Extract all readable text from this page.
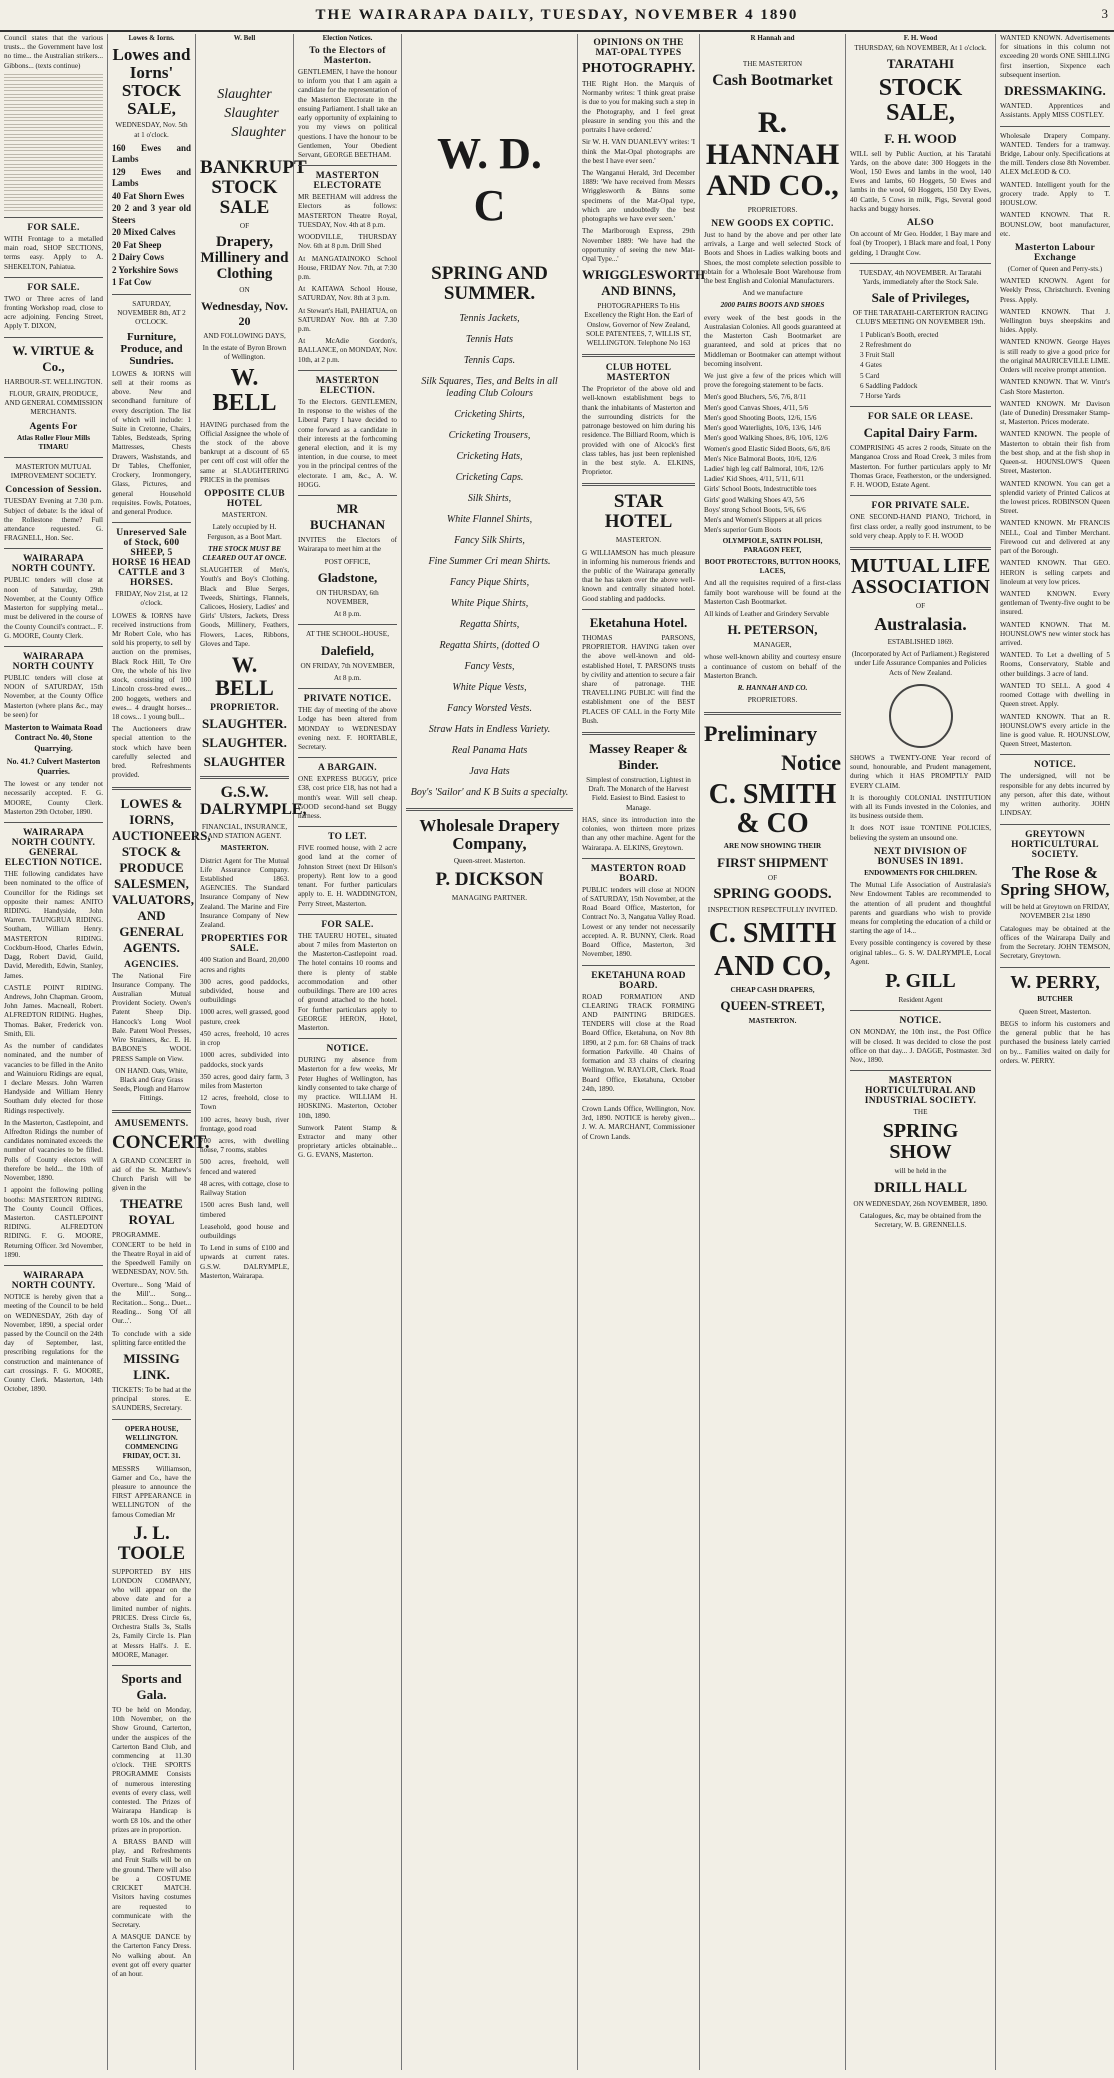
THE WAIRARAPA DAILY, TUESDAY, NOVEMBER 4 1890	3

Council states that the various trusts... the Government have lost no time... the Australian strikers... Gibbons... (texts continue)

FOR SALE.

WITH Frontage to a metalled main road, SHOP SECTIONS, terms easy. Apply to A. SHEKELTON, Pahiatua.

FOR SALE.

TWO or Three acres of land fronting Workshop road, close to acre adjoining. Fencing Street, Apply T. DIXON,

W. VIRTUE & Co.,

HARBOUR-ST. WELLINGTON.

FLOUR, GRAIN, PRODUCE, AND GENERAL COMMISSION MERCHANTS.

Agents For

Atlas Roller Flour Mills TIMARU

MASTERTON MUTUAL IMPROVEMENT SOCIETY.

Concession of Session.

TUESDAY Evening at 7.30 p.m. Subject of debate: Is the ideal of the Rollestone theme? Full attendance requested. G. FRAGNELL, Hon. Sec.

WAIRARAPA NORTH COUNTY.

PUBLIC tenders will close at noon of Saturday, 29th November, at the County Office Masterton for supplying metal... must be delivered in the course of the County Council's contract... F. G. MOORE, County Clerk.

WAIRARAPA NORTH COUNTY

PUBLIC tenders will close at NOON of SATURDAY, 15th November, at the County Office Masterton (where plans &c., may be seen) for

Masterton to Waimata Road Contract No. 40, Stone Quarrying.

No. 41.? Culvert Masterton Quarries.

The lowest or any tender not necessarily accepted. F. G. MOORE, County Clerk. Masterton 29th October, 1890.

WAIRARAPA NORTH COUNTY. GENERAL ELECTION NOTICE.

THE following candidates have been nominated to the office of Councillor for the Ridings set opposite their names: ANITO RIDING. Handyside, John Warren. TAUNGRUA RIDING. Southam, William Henry. MASTERTON RIDING. Cockburn-Hood, Charles Edwin, Dagg, Robert David, Guild, David, Meredith, Edwin, Stanley, James.

CASTLE POINT RIDING. Andrews, John Chapman. Groom, John James. Macneall, Robert. ALFREDTON RIDING. Hughes, Thomas. Baker, Frederick von. Smith, Eli.

As the number of candidates nominated, and the number of vacancies to be filled in the Anito and Wainuioru Ridings are equal, I declare Messrs. John Warren Handyside and William Henry Southam duly elected for those Ridings respectively.

In the Masterton, Castlepoint, and Alfredton Ridings the number of candidates nominated exceeds the number of vacancies to be filled. Polls of County electors will therefore be held... the 10th of November, 1890.

I appoint the following polling booths: MASTERTON RIDING. The County Council Offices, Masterton. CASTLEPOINT RIDING. ALFREDTON RIDING. F. G. MOORE, Returning Officer. 3rd November, 1890.

WAIRARAPA NORTH COUNTY.

NOTICE is hereby given that a meeting of the Council to be held on WEDNESDAY, 26th day of November, 1890, a special order passed by the Council on the 24th day of September, last, prescribing regulations for the construction and maintenance of cart crossings. F. G. MOORE, County Clerk. Masterton, 14th October, 1890.

Lowes & Iorns.
Lowes and Iorns' STOCK SALE,

WEDNESDAY, Nov. 5th at 1 o'clock.

160 Ewes and Lambs
129 Ewes and Lambs
40 Fat Shorn Ewes
20 2 and 3 year old Steers
20 Mixed Calves
20 Fat Sheep
2 Dairy Cows
2 Yorkshire Sows
1 Fat Cow

SATURDAY, NOVEMBER 8th, AT 2 O'CLOCK.

Furniture, Produce, and Sundries.

LOWES & IORNS will sell at their rooms as above. New and secondhand furniture of every description. The list of which will include: 1 Suite in Cretonne, Chairs, Tables, Bedsteads, Spring Mattresses, Chests Drawers, Washstands, and Dr Tables, Cheffonier, Crockery, Ironmongery, Glass, Pictures, and general Household requisites. Fowls, Potatoes, and general Produce.

Unreserved Sale of Stock, 600 SHEEP, 5 HORSE 16 HEAD CATTLE and 3 HORSES.

FRIDAY, Nov 21st, at 12 o'clock.

LOWES & IORNS have received instructions from Mr Robert Cole, who has sold his property, to sell by auction on the premises, Black Rock Hill, Te Ore Ore, the whole of his live stock, consisting of 100 Lincoln cross-bred ewes... 200 hoggets, wethers and ewes... 4 draught horses... 18 cows... 1 young bull...

The Auctioneers draw special attention to the stock which have been carefully selected and bred. Refreshments provided.

LOWES & IORNS, AUCTIONEERS, STOCK & PRODUCE SALESMEN, VALUATORS, AND GENERAL AGENTS.
AGENCIES.

The National Fire Insurance Company. The Australian Mutual Provident Society. Owen's Patent Sheep Dip. Hancock's Long Wool Bale. Patent Wool Presses, Wire Strainers, &c. E. H. BABONE'S WOOL PRESS Sample on View.

ON HAND. Oats, White, Black and Gray Grass Seeds, Plough and Harrow Fittings.

AMUSEMENTS.
CONCERT.

A GRAND CONCERT in aid of the St. Matthew's Church Parish will be given in the

THEATRE ROYAL

PROGRAMME. CONCERT to be held in the Theatre Royal in aid of the Speedwell Family on WEDNESDAY, NOV. 5th.

Overture... Song 'Maid of the Mill'... Song... Recitation... Song... Duet... Reading... Song 'Of all Our...'.

To conclude with a side splitting farce entitled the

MISSING LINK.

TICKETS: To be had at the principal stores. E. SAUNDERS, Secretary.

OPERA HOUSE, WELLINGTON. COMMENCING FRIDAY, OCT. 31.

MESSRS Williamson, Garner and Co., have the pleasure to announce the FIRST APPEARANCE in WELLINGTON of the famous Comedian Mr

J. L. TOOLE

SUPPORTED BY HIS LONDON COMPANY, who will appear on the above date and for a limited number of nights. PRICES. Dress Circle 6s, Orchestra Stalls 3s, Stalls 2s, Family Circle 1s. Plan at Messrs Hall's. J. E. MOORE, Manager.

Sports and Gala.

TO be held on Monday, 10th November, on the Show Ground, Carterton, under the auspices of the Carterton Band Club, and commencing at 11.30 o'clock. THE SPORTS PROGRAMME Consists of numerous interesting events of every class, well contested. The Prizes of Wairarapa Handicap is worth £8 10s. and the other prizes are in proportion.

A BRASS BAND will play, and Refreshments and Fruit Stalls will be on the ground. There will also be a COSTUME CRICKET MATCH. Visitors having costumes are requested to communicate with the Secretary.

A MASQUE DANCE by the Carterton Fancy Dress. No walking about. An event got off every quarter of an hour.

W. Bell
Slaughter
Slaughter
Slaughter
BANKRUPT STOCK SALE

OF

Drapery, Millinery and Clothing

ON

Wednesday, Nov. 20

AND FOLLOWING DAYS,

In the estate of Byron Brown of Wellington.

W. BELL

HAVING purchased from the Official Assignee the whole of the stock of the above bankrupt at a discount of 65 per cent off cost will offer the same at SLAUGHTERING PRICES in the premises

OPPOSITE CLUB HOTEL

MASTERTON.

Lately occupied by H. Ferguson, as a Boot Mart.

THE STOCK MUST BE CLEARED OUT AT ONCE.

SLAUGHTER of Men's, Youth's and Boy's Clothing. Black and Blue Serges, Tweeds, Shirtings, Flannels, Calicoes, Hosiery, Ladies' and Girls' Ulsters, Jackets, Dress Goods, Millinery, Feathers, Flowers, Laces, Ribbons, Gloves and Tape.

W. BELL
PROPRIETOR.
SLAUGHTER.
SLAUGHTER.
SLAUGHTER
G.S.W. DALRYMPLE,

FINANCIAL, INSURANCE, AND STATION AGENT.

MASTERTON.

District Agent for The Mutual Life Assurance Company. Established 1863. AGENCIES. The Standard Insurance Company of New Zealand. The Marine and Fire Insurance Company of New Zealand.

PROPERTIES FOR SALE.
400 Station and Board, 20,000 acres and rights
300 acres, good paddocks, subdivided, house and outbuildings
1000 acres, well grassed, good pasture, creek
450 acres, freehold, 10 acres in crop
1000 acres, subdivided into paddocks, stock yards
350 acres, good dairy farm, 3 miles from Masterton
12 acres, freehold, close to Town
100 acres, heavy bush, river frontage, good road
700 acres, with dwelling house, 7 rooms, stables
500 acres, freehold, well fenced and watered
48 acres, with cottage, close to Railway Station
1500 acres Bush land, well timbered
Leasehold, good house and outbuildings

To Lend in sums of £100 and upwards at current rates. G.S.W. DALRYMPLE, Masterton, Wairarapa.

Election Notices.
To the Electors of Masterton.

GENTLEMEN, I have the honour to inform you that I am again a candidate for the representation of the Masterton Electorate in the ensuing Parliament. I shall take an early opportunity of explaining to you my views on political questions. I have the honour to be Gentlemen, Your Obedient Servant, GEORGE BEETHAM.

MASTERTON ELECTORATE

MR BEETHAM will address the Electors as follows: MASTERTON Theatre Royal, TUESDAY, Nov. 4th at 8 p.m.

WOODVILLE, THURSDAY Nov. 6th at 8 p.m. Drill Shed

At MANGATAINOKO School House, FRIDAY Nov. 7th, at 7:30 p.m.

At KAITAWA School House, SATURDAY, Nov. 8th at 3 p.m.

At Stewart's Hall, PAHIATUA, on SATURDAY Nov. 8th at 7.30 p.m.

At McAdie Gordon's, BALLANCE, on MONDAY, Nov. 10th, at 2 p.m.

MASTERTON ELECTION.

To the Electors. GENTLEMEN, In response to the wishes of the Liberal Party I have decided to come forward as a candidate in their interests at the forthcoming general election, and it is my intention, in due course, to meet you in the principal centres of the electorate. I am, &c., A. W. HOGG.

MR BUCHANAN

INVITES the Electors of Wairarapa to meet him at the

POST OFFICE,

Gladstone,

ON THURSDAY, 6th NOVEMBER,

At 8 p.m.

AT THE SCHOOL-HOUSE,

Dalefield,

ON FRIDAY, 7th NOVEMBER,

At 8 p.m.

PRIVATE NOTICE.

THE day of meeting of the above Lodge has been altered from MONDAY to WEDNESDAY evening next. F. HORTABLE, Secretary.

A BARGAIN.

ONE EXPRESS BUGGY, price £38, cost price £18, has not had a month's wear. Will sell cheap. GOOD second-hand set Buggy harness.

TO LET.

FIVE roomed house, with 2 acre good land at the corner of Johnston Street (next Dr Hilson's property). Rent low to a good tenant. For further particulars apply to. E. H. WADDINGTON, Perry Street, Masterton.

FOR SALE.

THE TAUERU HOTEL, situated about 7 miles from Masterton on the Masterton-Castlepoint road. The hotel contains 10 rooms and there is plenty of stable accommodation and other outbuildings. There are 100 acres of ground attached to the hotel. For further particulars apply to GEORGE HERON, Hotel, Masterton.

NOTICE.

DURING my absence from Masterton for a few weeks, Mr Peter Hughes of Wellington, has kindly consented to take charge of my practice. WILLIAM H. HOSKING. Masterton, October 10th, 1890.

Sunwork Patent Stamp & Extractor and many other proprietary articles obtainable... G. G. EVANS, Masterton.

W. D.
C
SPRING AND SUMMER.
Tennis Jackets,
Tennis Hats
Tennis Caps.
Silk Squares, Ties, and Belts in all leading Club Colours
Cricketing Shirts,
Cricketing Trousers,
Cricketing Hats,
Cricketing Caps.
Silk Shirts,
White Flannel Shirts,
Fancy Silk Shirts,
Fine Summer Cri mean Shirts.
Fancy Pique Shirts,
White Pique Shirts,
Regatta Shirts,
Regatta Shirts, (dotted O
Fancy Vests,
White Pique Vests,
Fancy Worsted Vests.
Straw Hats in Endless Variety.
Real Panama Hats
Java Hats
Boy's 'Sailor' and K B Suits a specialty.
Wholesale Drapery Company,

Queen-street. Masterton.

P. DICKSON

MANAGING PARTNER.

OPINIONS ON THE MAT-OPAL TYPES
PHOTOGRAPHY.

THE Right Hon. the Marquis of Normanby writes: 'I think great praise is due to you for making such a step in the Photography, and I feel great pleasure in sending you this and the portraits I have ordered.'

Sir W. H. VAN DUANLEVY writes: 'I think the Mat-Opal photographs are the best I have ever seen.'

The Wanganui Herald, 3rd December 1889: 'We have received from Messrs Wrigglesworth & Binns some specimens of the Mat-Opal type, which are undoubtedly the best photographs we have ever seen.'

The Marlborough Express, 29th November 1889: 'We have had the opportunity of seeing the new Mat-Opal Type...'

WRIGGLESWORTH AND BINNS,

PHOTOGRAPHERS To His Excellency the Right Hon. the Earl of Onslow, Governor of New Zealand, SOLE PATENTEES, 7, WILLIS ST, WELLINGTON. Telephone No 163

CLUB HOTEL MASTERTON

The Proprietor of the above old and well-known establishment begs to thank the inhabitants of Masterton and the surrounding districts for the patronage bestowed on him during his residence. The Billiard Room, which is provided with one of Alcock's first class tables, has just been replenished in the best style. A. ELKINS, Proprietor.

STAR HOTEL

MASTERTON.

G WILLIAMSON has much pleasure in informing his numerous friends and the public of the Wairarapa generally that he has taken over the above well-known and centrally situated hotel. Good stabling and paddocks.

Eketahuna Hotel.

THOMAS PARSONS, PROPRIETOR. HAVING taken over the above well-known and old-established Hotel, T. PARSONS trusts by civility and attention to secure a fair share of patronage. THE TRAVELLING PUBLIC will find the establishment one of the BEST PLACES OF CALL in the Forty Mile Bush.

Massey Reaper & Binder.

Simplest of construction, Lightest in Draft. The Monarch of the Harvest Field. Easiest to Bind. Easiest to Manage.

HAS, since its introduction into the colonies, won thirteen more prizes than any other machine. Agent for the Wairarapa. A. ELKINS, Greytown.

MASTERTON ROAD BOARD.

PUBLIC tenders will close at NOON of SATURDAY, 15th November, at the Road Board Office, Masterton, for Contract No. 3, Nangatua Valley Road. Lowest or any tender not necessarily accepted. A. R. BUNNY, Clerk. Road Board Office, Masterton, 3rd November, 1890.

EKETAHUNA ROAD BOARD.

ROAD FORMATION AND CLEARING TRACK FORMING AND PAINTING BRIDGES. TENDERS will close at the Road Board Office, Eketahuna, on Nov 8th 1890, at 2 p.m. for: 68 Chains of track formation Parkville. 40 Chains of formation and 33 chains of clearing Wellington. W. RAYLOR, Clerk. Road Board Office, Eketahuna, October 24th, 1890.

Crown Lands Office, Wellington, Nov. 3rd, 1890. NOTICE is hereby given... J. W. A. MARCHANT, Commissioner of Crown Lands.

R Hannah and

THE MASTERTON

Cash Bootmarket
R. HANNAH AND CO.,

PROPRIETORS.

NEW GOODS EX COPTIC.

Just to hand by the above and per other late arrivals, a Large and well selected Stock of Boots and Shoes in Ladies walking boots and Shoes, the most complete selection possible to obtain for a Wholesale Boot Warehouse from the best English and Colonial Manufacturers.

And we manufacture

2000 PAIRS BOOTS AND SHOES

every week of the best goods in the Australasian Colonies. All goods guaranteed at the Masterton Cash Bootmarket are guaranteed, and sold at prices that no Middleman or Bootmaker can attempt without becoming insolvent.

We just give a few of the prices which will prove the foregoing statement to be facts.

Men's good Bluchers, 5/6, 7/6, 8/11
Men's good Canvas Shoes, 4/11, 5/6
Men's good Shooting Boots, 12/6, 15/6
Men's good Waterlights, 10/6, 13/6, 14/6
Men's good Walking Shoes, 8/6, 10/6, 12/6
Women's good Elastic Sided Boots, 6/6, 8/6
Men's Nice Balmoral Boots, 10/6, 12/6
Ladies' high leg calf Balmoral, 10/6, 12/6
Ladies' Kid Shoes, 4/11, 5/11, 6/11
Girls' School Boots, Indestructible toes
Girls' good Walking Shoes 4/3, 5/6
Boys' strong School Boots, 5/6, 6/6
Men's and Women's Slippers at all prices
Men's superior Gum Boots

OLYMPIOLE, SATIN POLISH, PARAGON FEET,

BOOT PROTECTORS, BUTTON HOOKS, LACES,

And all the requisites required of a first-class family boot warehouse will be found at the Masterton Cash Bootmarket.

All kinds of Leather and Grindery Servable

H. PETERSON,

MANAGER,

whose well-known ability and courtesy ensure a continuance of custom on behalf of the Masterton Branch.

R. HANNAH AND CO.

PROPRIETORS.

Preliminary
Notice
C. SMITH & CO

ARE NOW SHOWING THEIR

FIRST SHIPMENT

OF

SPRING GOODS.

INSPECTION RESPECTFULLY INVITED.

C. SMITH
AND CO,

CHEAP CASH DRAPERS,

QUEEN-STREET,

MASTERTON.

F. H. Wood

THURSDAY, 6th NOVEMBER, At 1 o'clock.

TARATAHI
STOCK SALE,
F. H. WOOD

WILL sell by Public Auction, at his Taratahi Yards, on the above date: 300 Hoggets in the Wool, 150 Ewes and lambs in the wool, 140 Ewes and lambs, 60 Hoggets, 50 Ewes and lambs in the wool, 60 Hoggets, 150 Dry Ewes, 40 Cattle, 5 Cows in milk, Pigs, Several good hacks and buggy horses.

ALSO

On account of Mr Geo. Hodder, 1 Bay mare and foal (by Trooper), 1 Black mare and foal, 1 Pony gelding, 1 Draught Cow.

TUESDAY, 4th NOVEMBER. At Taratahi Yards, immediately after the Stock Sale.

Sale of Privileges,

OF THE TARATAHI-CARTERTON RACING CLUB'S MEETING ON NOVEMBER 19th.

1 Publican's Booth, erected
2 Refreshment do
3 Fruit Stall
4 Gates
5 Card
6 Saddling Paddock
7 Horse Yards
FOR SALE OR LEASE.
Capital Dairy Farm.

COMPRISING 45 acres 2 roods, Situate on the Manganoa Cross and Road Creek, 3 miles from Masterton. For further particulars apply to Mr Thomas Grace, Featherston, or the undersigned. F. H. WOOD, Estate Agent.

FOR PRIVATE SALE.

ONE SECOND-HAND PIANO, Trichord, in first class order, a really good instrument, to be sold very cheap. Apply to F. H. WOOD

MUTUAL LIFE ASSOCIATION

OF

Australasia.

ESTABLISHED 1869.

(Incorporated by Act of Parliament.) Registered under Life Assurance Companies and Policies Acts of New Zealand.

SHOWS a TWENTY-ONE Year record of sound, honourable, and Prudent management, during which it HAS PROMPTLY PAID EVERY CLAIM.

It is thoroughly COLONIAL INSTITUTION with all its Funds invested in the Colonies, and its business outside them.

It does NOT issue TONTINE POLICIES, believing the system an unsound one.

NEXT DIVISION OF BONUSES IN 1891.

ENDOWMENTS FOR CHILDREN.

The Mutual Life Association of Australasia's New Endowment Tables are recommended to the attention of all prudent and thoughtful parents and guardians who wish to provide means for completing the education of a child or starting the age of 14...

Every possible contingency is covered by these original tables... G. S. W. DALRYMPLE, Local Agent.

P. GILL

Resident Agent

NOTICE.

ON MONDAY, the 10th inst., the Post Office will be closed. It was decided to close the post office on that day... J. DAGGE, Postmaster. 3rd Nov., 1890.

MASTERTON HORTICULTURAL AND INDUSTRIAL SOCIETY.

THE

SPRING SHOW

will be held in the

DRILL HALL

ON WEDNESDAY, 26th NOVEMBER, 1890.

Catalogues, &c, may be obtained from the Secretary, W. B. GRENNELLS.

WANTED KNOWN. Advertisements for situations in this column not exceeding 20 words ONE SHILLING first insertion, Sixpence each subsequent insertion.

DRESSMAKING.

WANTED. Apprentices and Assistants. Apply MISS COSTLEY.

Wholesale Drapery Company. WANTED. Tenders for a tramway. Bridge, Labour only. Specifications at the mill. Tenders close 8th November. ALEX McLEOD & CO.

WANTED. Intelligent youth for the grocery trade. Apply to T. HOUSLOW.

WANTED KNOWN. That R. BOUNSLOW, boot manufacturer, etc.

Masterton Labour Exchange

(Corner of Queen and Perry-sts.)

WANTED KNOWN. Agent for Weekly Press, Christchurch. Evening Press. Apply.

WANTED KNOWN. That J. Wellington buys sheepskins and hides. Apply.

WANTED KNOWN. George Hayes is still ready to give a good price for the original MAURICEVILLE LIME. Orders will receive prompt attention.

WANTED KNOWN. That W. Vintr's Cash Store Masterton.

WANTED KNOWN. Mr Davison (late of Dunedin) Dressmaker Stamp-st, Masterton. Prices moderate.

WANTED KNOWN. The people of Masterton to obtain their fish from the best shop, and at the fish shop in Queen-st. HOUNSLOW'S Queen Street, Masterton.

WANTED KNOWN. You can get a splendid variety of Printed Calicos at the lowest prices. ROBINSON Queen Street.

WANTED KNOWN. Mr FRANCIS NELL, Coal and Timber Merchant. Firewood cut and delivered at any part of the Borough.

WANTED KNOWN. That GEO. HERON is selling carpets and linoleum at very low prices.

WANTED KNOWN. Every gentleman of Twenty-five ought to be insured.

WANTED KNOWN. That M. HOUNSLOW'S new winter stock has arrived.

WANTED. To Let a dwelling of 5 Rooms, Conservatory, Stable and other buildings. 3 acre of land.

WANTED TO SELL. A good 4 roomed Cottage with dwelling in Queen street. Apply.

WANTED KNOWN. That an R. HOUNSLOW'S every article in the line is good value. R. HOUNSLOW, Queen Street, Masterton.

NOTICE.

The undersigned, will not be responsible for any debts incurred by any person, after this date, without my written authority. JOHN LINDSAY.

GREYTOWN HORTICULTURAL SOCIETY.
The Rose & Spring SHOW,

will be held at Greytown on FRIDAY, NOVEMBER 21st 1890

Catalogues may be obtained at the offices of the Wairarapa Daily and from the Secretary. JOHN TEMSON, Secretary, Greytown.

W. PERRY,

BUTCHER

Queen Street, Masterton.

BEGS to inform his customers and the general public that he has purchased the business lately carried on by... Families waited on daily for orders. W. PERRY.
